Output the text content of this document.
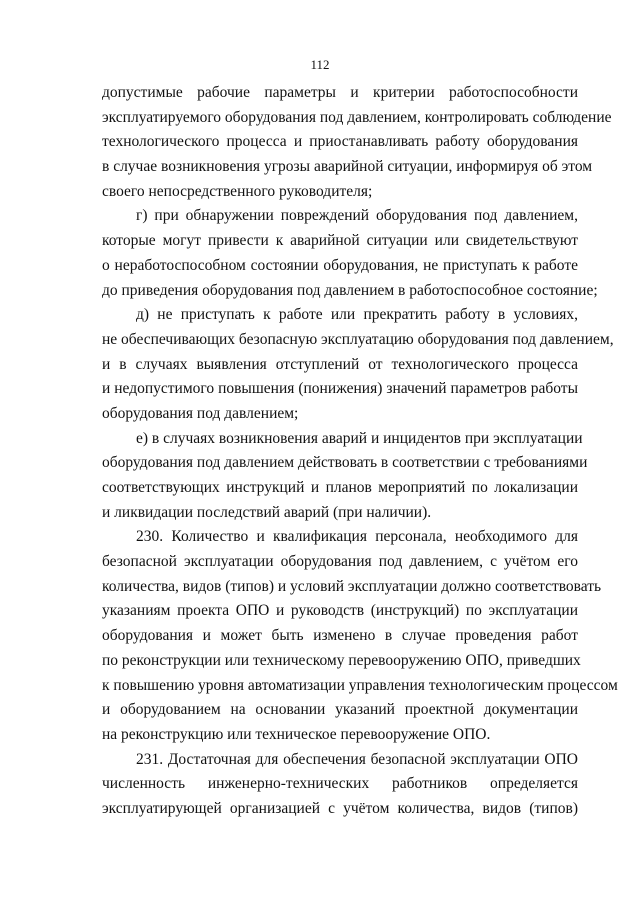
112
допустимые рабочие параметры и критерии работоспособности
эксплуатируемого оборудования под давлением, контролировать соблюдение
технологического процесса и приостанавливать работу оборудования
в случае возникновения угрозы аварийной ситуации, информируя об этом
своего непосредственного руководителя;
г) при обнаружении повреждений оборудования под давлением,
которые могут привести к аварийной ситуации или свидетельствуют
о неработоспособном состоянии оборудования, не приступать к работе
до приведения оборудования под давлением в работоспособное состояние;
д) не приступать к работе или прекратить работу в условиях,
не обеспечивающих безопасную эксплуатацию оборудования под давлением,
и в случаях выявления отступлений от технологического процесса
и недопустимого повышения (понижения) значений параметров работы
оборудования под давлением;
е) в случаях возникновения аварий и инцидентов при эксплуатации
оборудования под давлением действовать в соответствии с требованиями
соответствующих инструкций и планов мероприятий по локализации
и ликвидации последствий аварий (при наличии).
230. Количество и квалификация персонала, необходимого для
безопасной эксплуатации оборудования под давлением, с учётом его
количества, видов (типов) и условий эксплуатации должно соответствовать
указаниям проекта ОПО и руководств (инструкций) по эксплуатации
оборудования и может быть изменено в случае проведения работ
по реконструкции или техническому перевооружению ОПО, приведших
к повышению уровня автоматизации управления технологическим процессом
и оборудованием на основании указаний проектной документации
на реконструкцию или техническое перевооружение ОПО.
231. Достаточная для обеспечения безопасной эксплуатации ОПО
численность инженерно-технических работников определяется
эксплуатирующей организацией с учётом количества, видов (типов)
